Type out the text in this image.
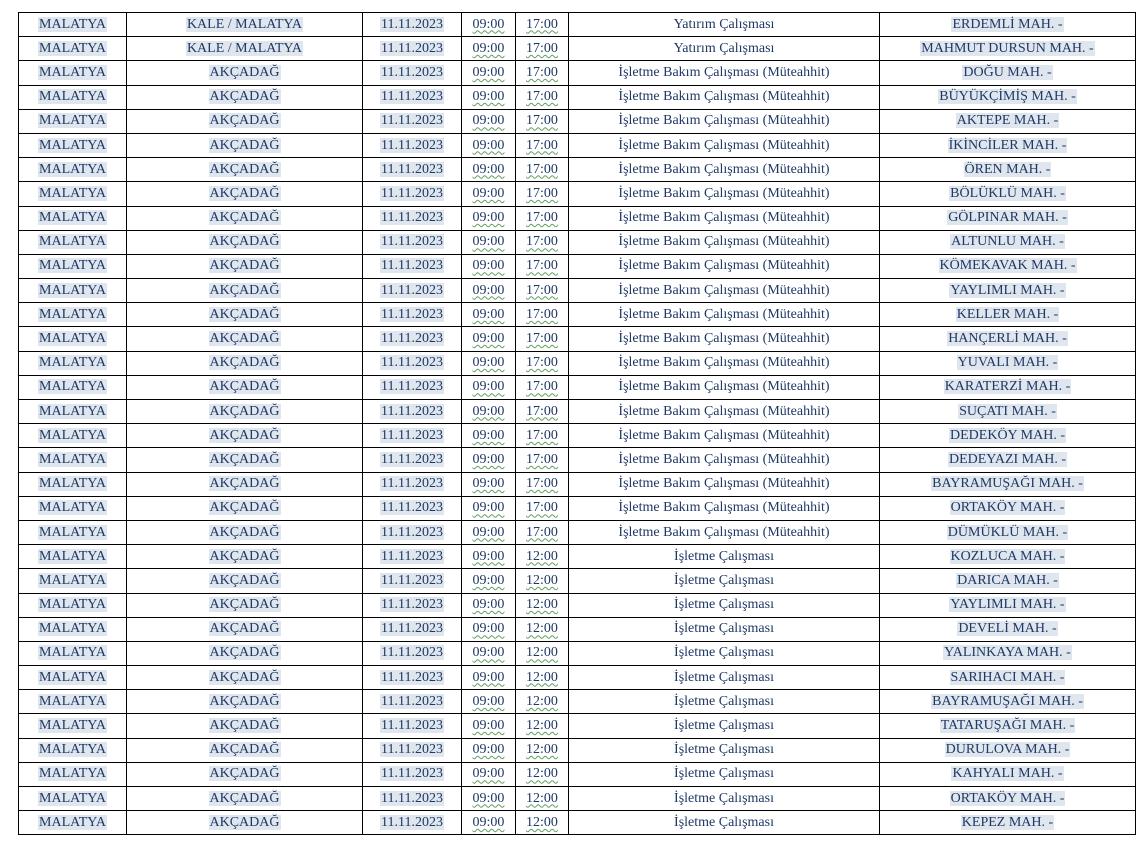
MALATYA	KALE / MALATYA	11.11.2023	09:00	17:00	Yatırım Çalışması	ERDEMLİ MAH. -
MALATYA	KALE / MALATYA	11.11.2023	09:00	17:00	Yatırım Çalışması	MAHMUT DURSUN MAH. -
MALATYA	AKÇADAĞ	11.11.2023	09:00	17:00	İşletme Bakım Çalışması (Müteahhit)	DOĞU MAH. -
MALATYA	AKÇADAĞ	11.11.2023	09:00	17:00	İşletme Bakım Çalışması (Müteahhit)	BÜYÜKÇİMİŞ MAH. -
MALATYA	AKÇADAĞ	11.11.2023	09:00	17:00	İşletme Bakım Çalışması (Müteahhit)	AKTEPE MAH. -
MALATYA	AKÇADAĞ	11.11.2023	09:00	17:00	İşletme Bakım Çalışması (Müteahhit)	İKİNCİLER MAH. -
MALATYA	AKÇADAĞ	11.11.2023	09:00	17:00	İşletme Bakım Çalışması (Müteahhit)	ÖREN MAH. -
MALATYA	AKÇADAĞ	11.11.2023	09:00	17:00	İşletme Bakım Çalışması (Müteahhit)	BÖLÜKLÜ MAH. -
MALATYA	AKÇADAĞ	11.11.2023	09:00	17:00	İşletme Bakım Çalışması (Müteahhit)	GÖLPINAR MAH. -
MALATYA	AKÇADAĞ	11.11.2023	09:00	17:00	İşletme Bakım Çalışması (Müteahhit)	ALTUNLU MAH. -
MALATYA	AKÇADAĞ	11.11.2023	09:00	17:00	İşletme Bakım Çalışması (Müteahhit)	KÖMEKAVAK MAH. -
MALATYA	AKÇADAĞ	11.11.2023	09:00	17:00	İşletme Bakım Çalışması (Müteahhit)	YAYLIMLI MAH. -
MALATYA	AKÇADAĞ	11.11.2023	09:00	17:00	İşletme Bakım Çalışması (Müteahhit)	KELLER MAH. -
MALATYA	AKÇADAĞ	11.11.2023	09:00	17:00	İşletme Bakım Çalışması (Müteahhit)	HANÇERLİ MAH. -
MALATYA	AKÇADAĞ	11.11.2023	09:00	17:00	İşletme Bakım Çalışması (Müteahhit)	YUVALI MAH. -
MALATYA	AKÇADAĞ	11.11.2023	09:00	17:00	İşletme Bakım Çalışması (Müteahhit)	KARATERZİ MAH. -
MALATYA	AKÇADAĞ	11.11.2023	09:00	17:00	İşletme Bakım Çalışması (Müteahhit)	SUÇATI MAH. -
MALATYA	AKÇADAĞ	11.11.2023	09:00	17:00	İşletme Bakım Çalışması (Müteahhit)	DEDEKÖY MAH. -
MALATYA	AKÇADAĞ	11.11.2023	09:00	17:00	İşletme Bakım Çalışması (Müteahhit)	DEDEYAZI MAH. -
MALATYA	AKÇADAĞ	11.11.2023	09:00	17:00	İşletme Bakım Çalışması (Müteahhit)	BAYRAMUŞAĞI MAH. -
MALATYA	AKÇADAĞ	11.11.2023	09:00	17:00	İşletme Bakım Çalışması (Müteahhit)	ORTAKÖY MAH. -
MALATYA	AKÇADAĞ	11.11.2023	09:00	17:00	İşletme Bakım Çalışması (Müteahhit)	DÜMÜKLÜ MAH. -
MALATYA	AKÇADAĞ	11.11.2023	09:00	12:00	İşletme Çalışması	KOZLUCA MAH. -
MALATYA	AKÇADAĞ	11.11.2023	09:00	12:00	İşletme Çalışması	DARICA MAH. -
MALATYA	AKÇADAĞ	11.11.2023	09:00	12:00	İşletme Çalışması	YAYLIMLI MAH. -
MALATYA	AKÇADAĞ	11.11.2023	09:00	12:00	İşletme Çalışması	DEVELİ MAH. -
MALATYA	AKÇADAĞ	11.11.2023	09:00	12:00	İşletme Çalışması	YALINKAYA MAH. -
MALATYA	AKÇADAĞ	11.11.2023	09:00	12:00	İşletme Çalışması	SARIHACI MAH. -
MALATYA	AKÇADAĞ	11.11.2023	09:00	12:00	İşletme Çalışması	BAYRAMUŞAĞI MAH. -
MALATYA	AKÇADAĞ	11.11.2023	09:00	12:00	İşletme Çalışması	TATARUŞAĞI MAH. -
MALATYA	AKÇADAĞ	11.11.2023	09:00	12:00	İşletme Çalışması	DURULOVA MAH. -
MALATYA	AKÇADAĞ	11.11.2023	09:00	12:00	İşletme Çalışması	KAHYALI MAH. -
MALATYA	AKÇADAĞ	11.11.2023	09:00	12:00	İşletme Çalışması	ORTAKÖY MAH. -
MALATYA	AKÇADAĞ	11.11.2023	09:00	12:00	İşletme Çalışması	KEPEZ MAH. -
